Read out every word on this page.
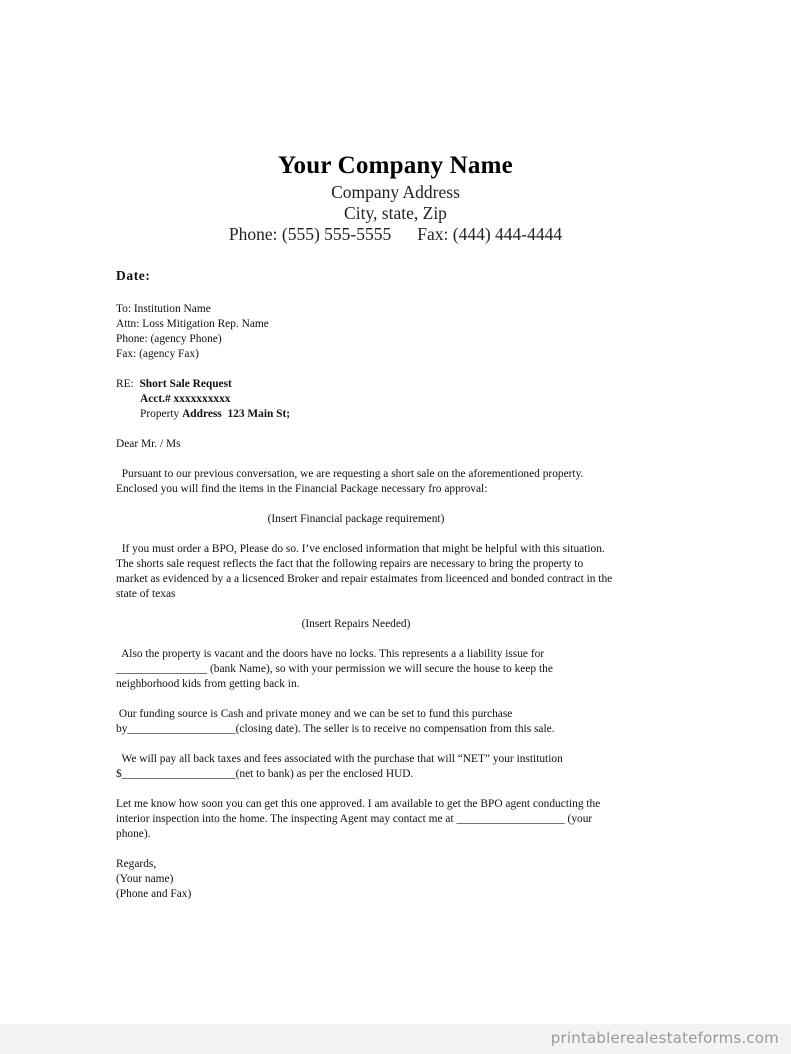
Your Company Name
Company Address
City, state, Zip
Phone: (555) 555-5555 Fax: (444) 444-4444
Date:
To: Institution Name
Attn: Loss Mitigation Rep. Name
Phone: (agency Phone)
Fax: (agency Fax)
RE: Short Sale Request
Acct.# xxxxxxxxxx
Property Address  123 Main St;
Dear Mr. / Ms
Pursuant to our previous conversation, we are requesting a short sale on the aforementioned property.
Enclosed you will find the items in the Financial Package necessary fro approval:
(Insert Financial package requirement)
If you must order a BPO, Please do so. I’ve enclosed information that might be helpful with this situation.
The shorts sale request reflects the fact that the following repairs are necessary to bring the property to
market as evidenced by a a licsenced Broker and repair estaimates from liceenced and bonded contract in the
state of texas
(Insert Repairs Needed)
Also the property is vacant and the doors have no locks. This represents a a liability issue for
________________ (bank Name), so with your permission we will secure the house to keep the
neighborhood kids from getting back in.
Our funding source is Cash and private money and we can be set to fund this purchase
by___________________(closing date). The seller is to receive no compensation from this sale.
We will pay all back taxes and fees associated with the purchase that will “NET” your institution
$____________________(net to bank) as per the enclosed HUD.
Let me know how soon you can get this one approved. I am available to get the BPO agent conducting the
interior inspection into the home. The inspecting Agent may contact me at ___________________ (your
phone).
Regards,
(Your name)
(Phone and Fax)
printablerealestateforms.com
